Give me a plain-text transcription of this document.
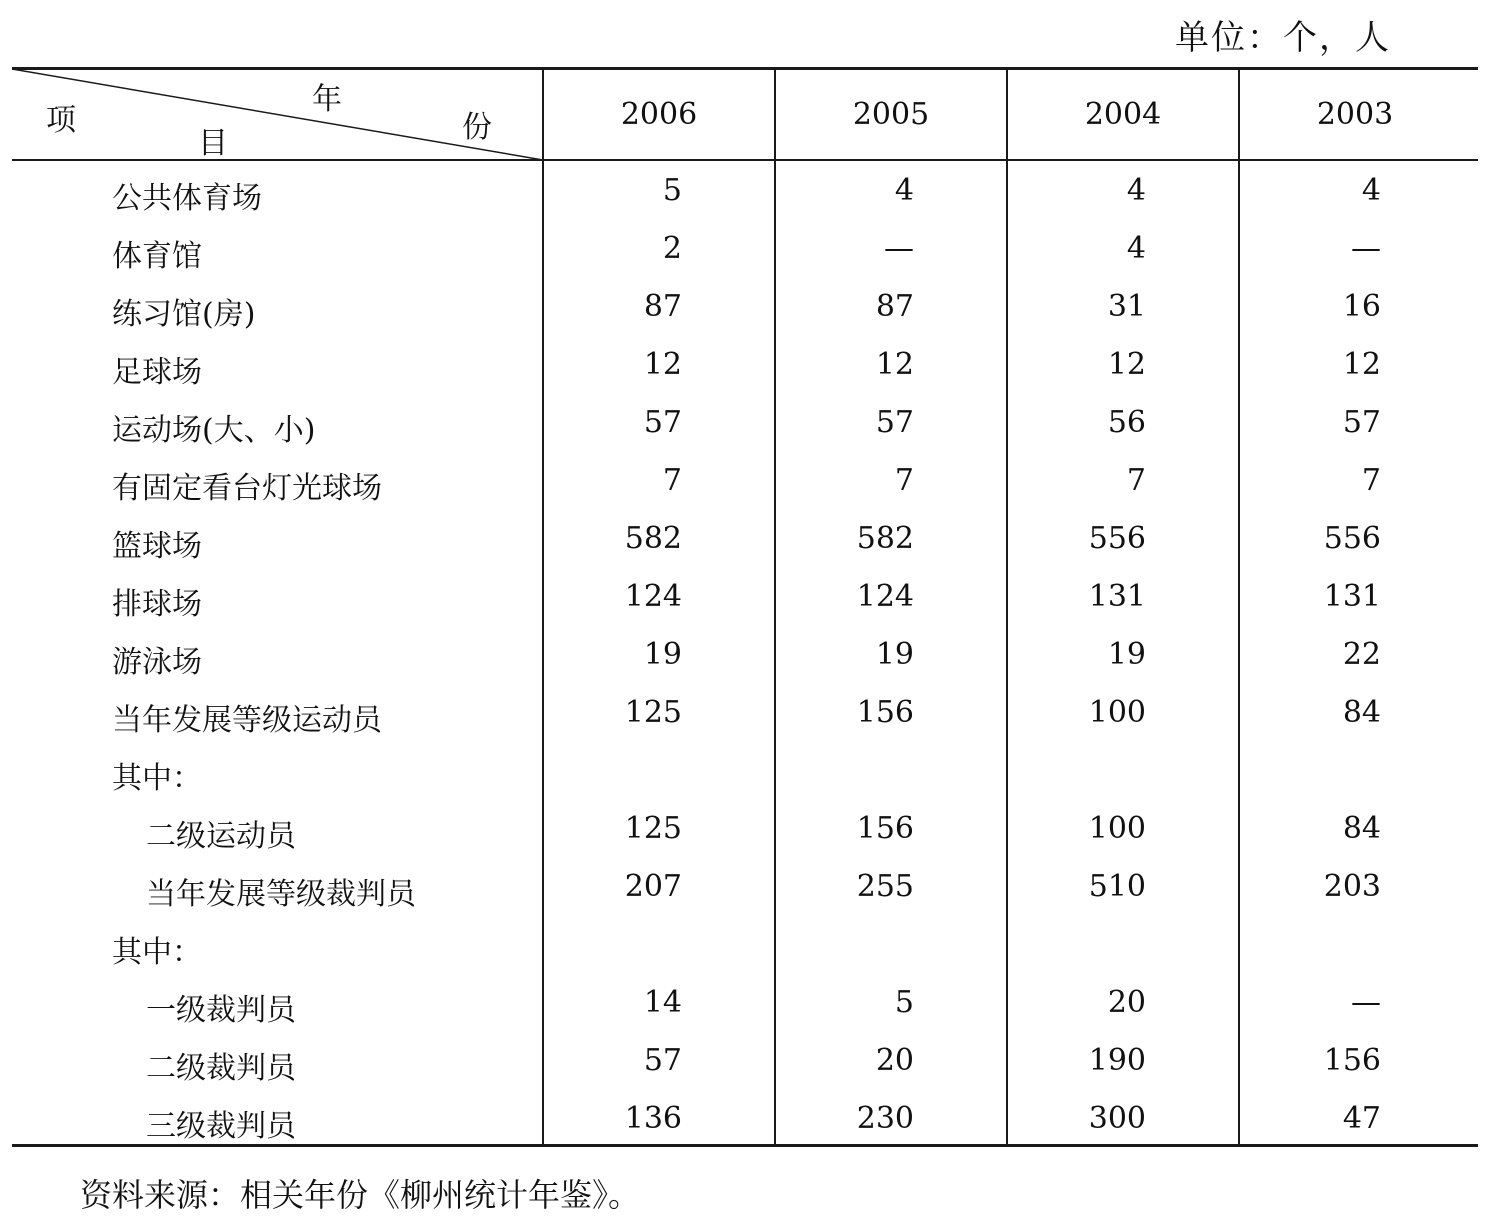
单位：个，人
项
目
年
份	2006	2005	2004	2003
公共体育场	5	4	4	4
体育馆	2	—	4	—
练习馆(房)	87	87	31	16
足球场	12	12	12	12
运动场(大、小)	57	57	56	57
有固定看台灯光球场	7	7	7	7
篮球场	582	582	556	556
排球场	124	124	131	131
游泳场	19	19	19	22
当年发展等级运动员	125	156	100	84
其中：
二级运动员	125	156	100	84
当年发展等级裁判员	207	255	510	203
其中：
一级裁判员	14	5	20	—
二级裁判员	57	20	190	156
三级裁判员	136	230	300	47
资料来源：相关年份《柳州统计年鉴》。
